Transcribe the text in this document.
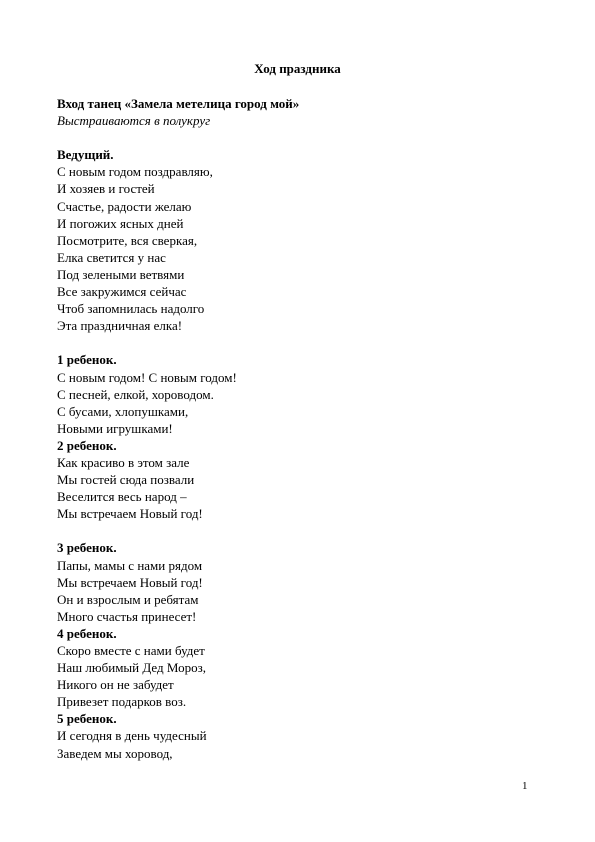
Ход праздника
Вход танец «Замела метелица город мой»
Выстраиваются в полукруг
Ведущий.
С новым годом поздравляю,
И хозяев и гостей
Счастье, радости желаю
И погожих ясных дней
Посмотрите, вся сверкая,
Елка светится у нас
Под зелеными ветвями
Все закружимся сейчас
Чтоб запомнилась надолго
Эта праздничная елка!
1 ребенок.
С новым годом! С новым годом!
С песней, елкой, хороводом.
С бусами, хлопушками,
Новыми игрушками!
2 ребенок.
Как красиво в этом зале
Мы гостей сюда позвали
Веселится весь народ –
Мы встречаем Новый год!
3 ребенок.
Папы, мамы с нами рядом
Мы встречаем Новый год!
Он и взрослым и ребятам
Много счастья принесет!
4 ребенок.
Скоро вместе с нами будет
Наш любимый Дед Мороз,
Никого он не забудет
Привезет подарков воз.
5 ребенок.
И сегодня в день чудесный
Заведем мы хоровод,
1
